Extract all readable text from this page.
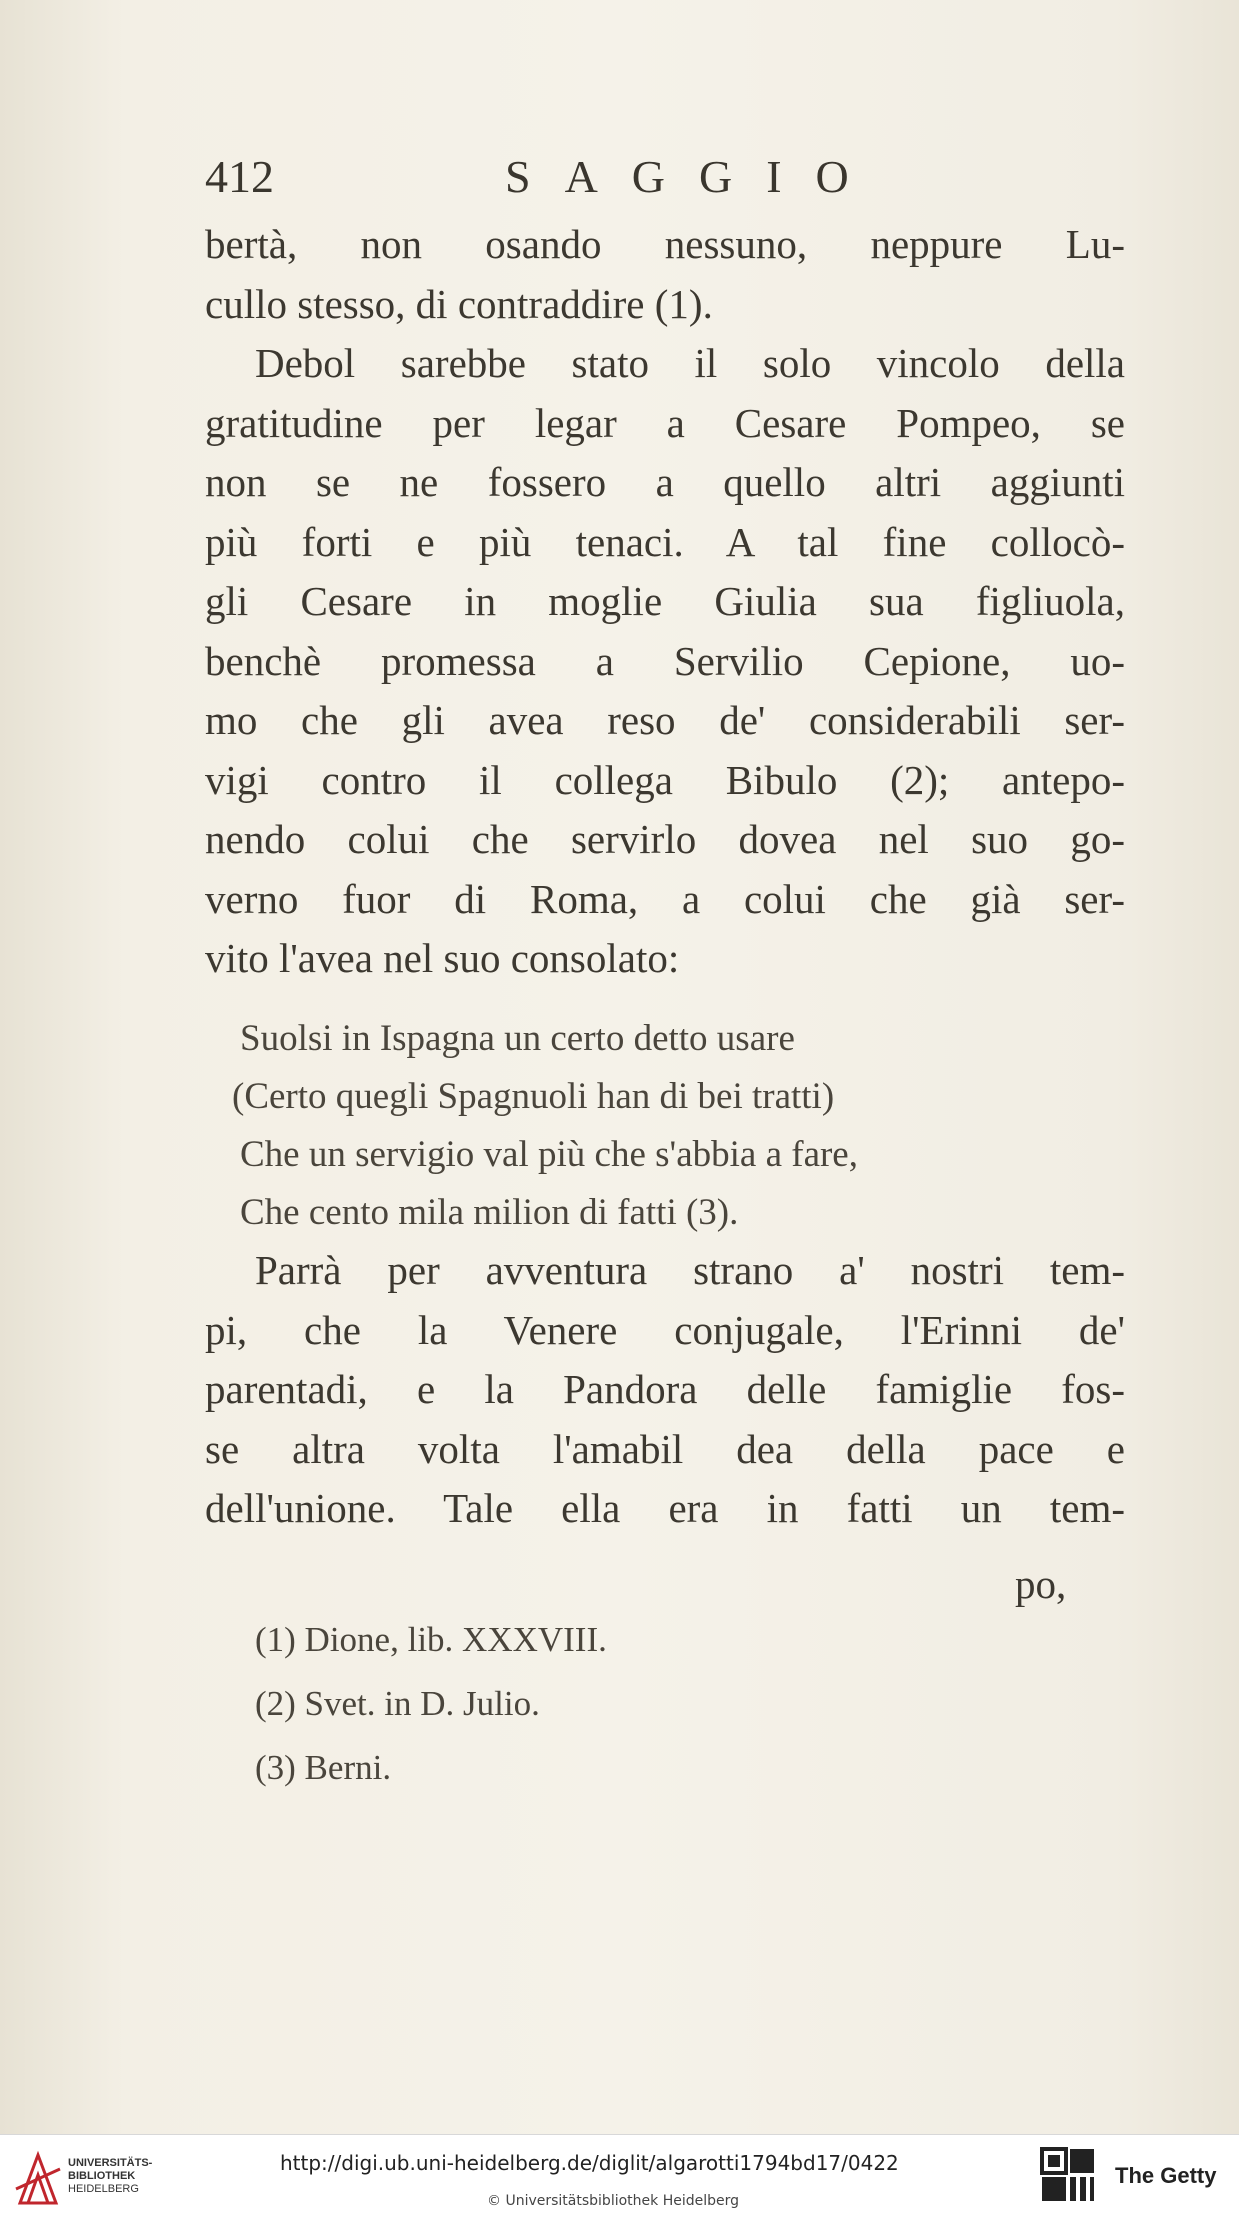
412	SAGGIO
bertà, non osando nessuno, neppure Lu-
cullo stesso, di contraddire (1).
Debol sarebbe stato il solo vincolo della
gratitudine per legar a Cesare Pompeo, se
non se ne fossero a quello altri aggiunti
più forti e più tenaci. A tal fine collocò-
gli Cesare in moglie Giulia sua figliuola,
benchè promessa a Servilio Cepione, uo-
mo che gli avea reso de' considerabili ser-
vigi contro il collega Bibulo (2); antepo-
nendo colui che servirlo dovea nel suo go-
verno fuor di Roma, a colui che già ser-
vito l'avea nel suo consolato:
Suolsi in Ispagna un certo detto usare
(Certo quegli Spagnuoli han di bei tratti)
Che un servigio val più che s'abbia a fare,
Che cento mila milion di fatti (3).
Parrà per avventura strano a' nostri tem-
pi, che la Venere conjugale, l'Erinni de'
parentadi, e la Pandora delle famiglie fos-
se altra volta l'amabil dea della pace e
dell'unione. Tale ella era in fatti un tem-
po,
(1) Dione, lib. XXXVIII.
(2) Svet. in D. Julio.
(3) Berni.
UNIVERSITÄTS-
BIBLIOTHEK
HEIDELBERG
http://digi.ub.uni-heidelberg.de/diglit/algarotti1794bd17/0422
© Universitätsbibliothek Heidelberg
The Getty
